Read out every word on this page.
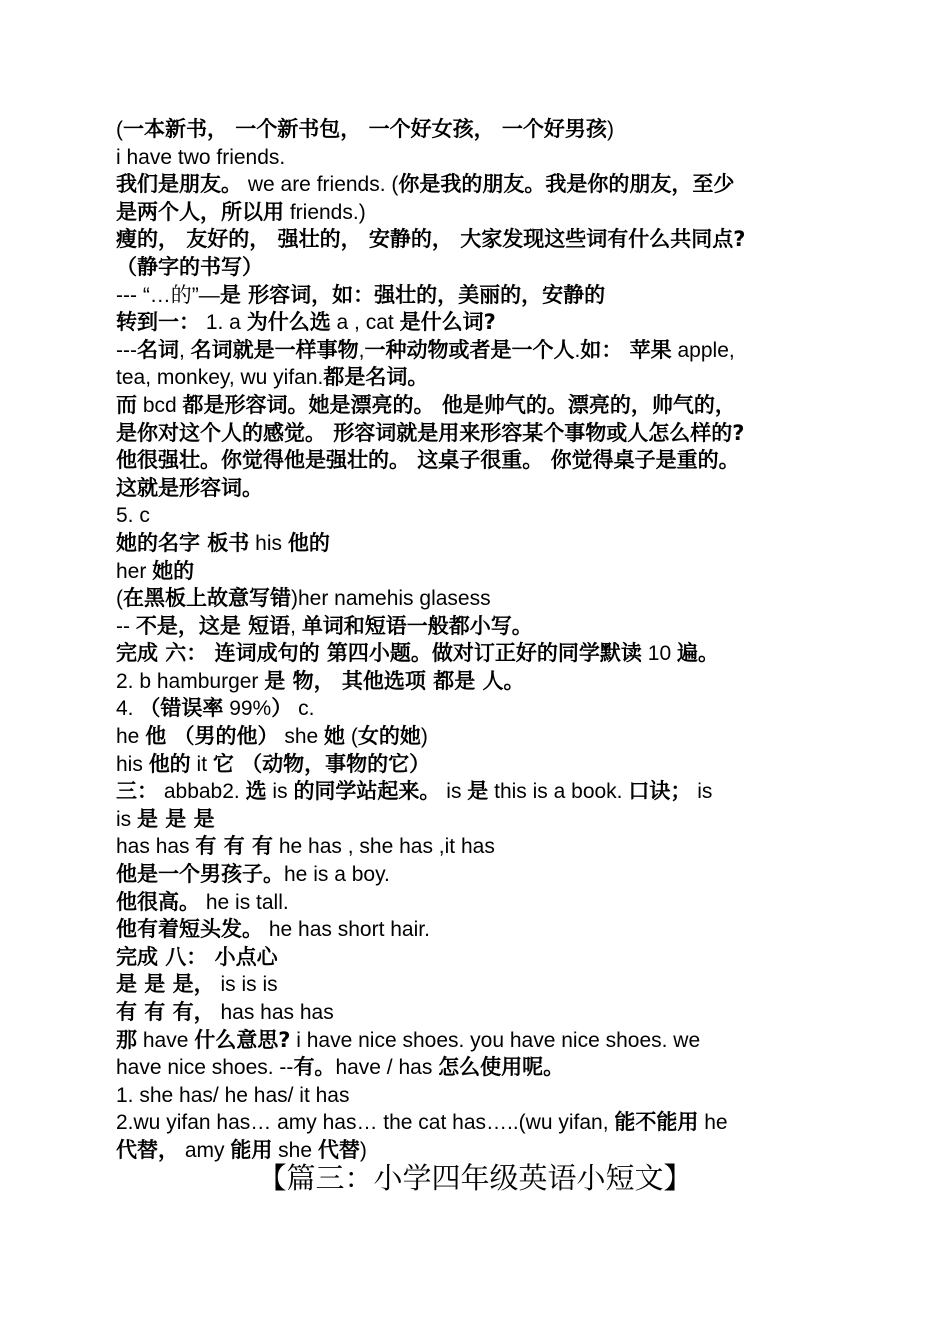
(一本新书， 一个新书包， 一个好女孩， 一个好男孩)
i have two friends.
我们是朋友。 we are friends. (你是我的朋友。我是你的朋友，至少
是两个人，所以用 friends.)
瘦的， 友好的， 强壮的， 安静的， 大家发现这些词有什么共同点?
（静字的书写）
--- “…的”—是 形容词，如：强壮的，美丽的，安静的
转到一： 1. a 为什么选 a , cat 是什么词?
---名词, 名词就是一样事物,一种动物或者是一个人.如： 苹果 apple,
tea, monkey, wu yifan.都是名词。
而 bcd 都是形容词。她是漂亮的。 他是帅气的。漂亮的，帅气的，
是你对这个人的感觉。 形容词就是用来形容某个事物或人怎么样的?
他很强壮。你觉得他是强壮的。 这桌子很重。 你觉得桌子是重的。
这就是形容词。
5. c
她的名字 板书 his 他的
her 她的
(在黑板上故意写错)her namehis glasess
-- 不是，这是 短语, 单词和短语一般都小写。
完成 六： 连词成句的 第四小题。做对订正好的同学默读 10 遍。
2. b hamburger 是 物， 其他选项 都是 人。
4. （错误率 99%） c.
he 他 （男的他） she 她 (女的她)
his 他的 it 它 （动物，事物的它）
三： abbab2. 选 is 的同学站起来。 is 是 this is a book. 口诀； is
is 是 是 是
has has 有 有 有 he has , she has ,it has
他是一个男孩子。he is a boy.
他很高。 he is tall.
他有着短头发。 he has short hair.
完成 八： 小点心
是 是 是， is is is
有 有 有， has has has
那 have 什么意思? i have nice shoes. you have nice shoes. we
have nice shoes. --有。have / has 怎么使用呢。
1. she has/ he has/ it has
2.wu yifan has… amy has… the cat has…..(wu yifan, 能不能用 he
代替， amy 能用 she 代替)
【篇三：小学四年级英语小短文】
